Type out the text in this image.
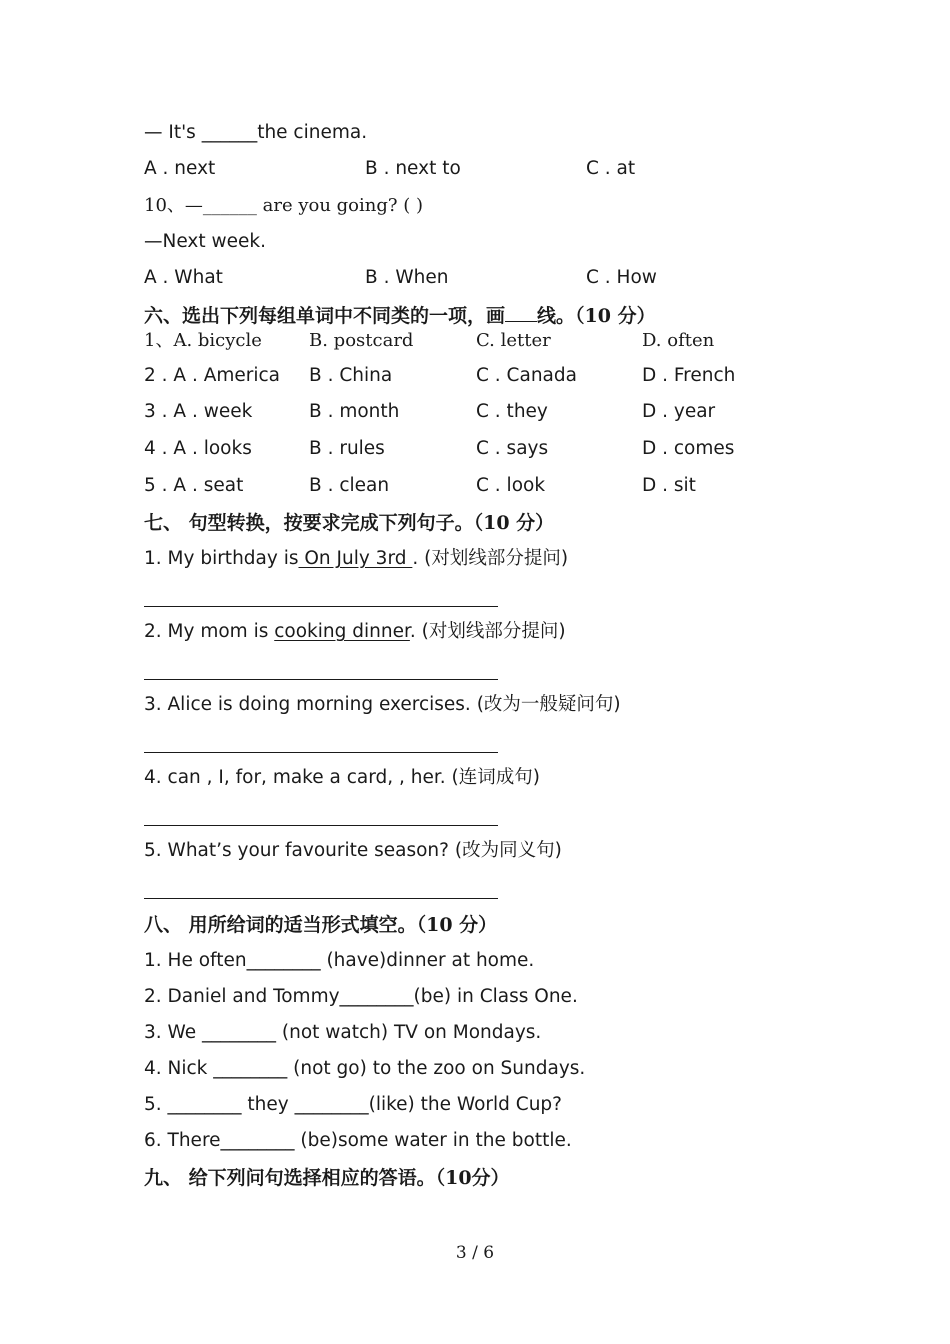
— It's ______the cinema.
A . next	B . next to	C . at
10、—______ are you going? ( )
—Next week.
A . What	B . When	C . How
六、选出下列每组单词中不同类的一项，画 线。（10 分）
1、A. bicycle	B. postcard	C. letter	D. often
2 . A . America B . China	C . Canada	D . French
3 . A . week	B . month	C . they	D . year
4 . A . looks	B . rules	C . says	D . comes
5 . A . seat	B . clean	C . look	D . sit
七、 句型转换，按要求完成下列句子。（10 分）
1. My birthday is On July 3rd . (对划线部分提问)
2. My mom is cooking dinner. (对划线部分提问)
3. Alice is doing morning exercises. (改为一般疑问句)
4. can , I, for, make a card, , her. (连词成句)
5. What’s your favourite season? (改为同义句)
八、 用所给词的适当形式填空。（10 分）
1. He often________ (have)dinner at home.
2. Daniel and Tommy________(be) in Class One.
3. We ________ (not watch) TV on Mondays.
4. Nick ________ (not go) to the zoo on Sundays.
5. ________ they ________(like) the World Cup?
6. There________ (be)some water in the bottle.
九、 给下列问句选择相应的答语。（10分）
3 / 6
